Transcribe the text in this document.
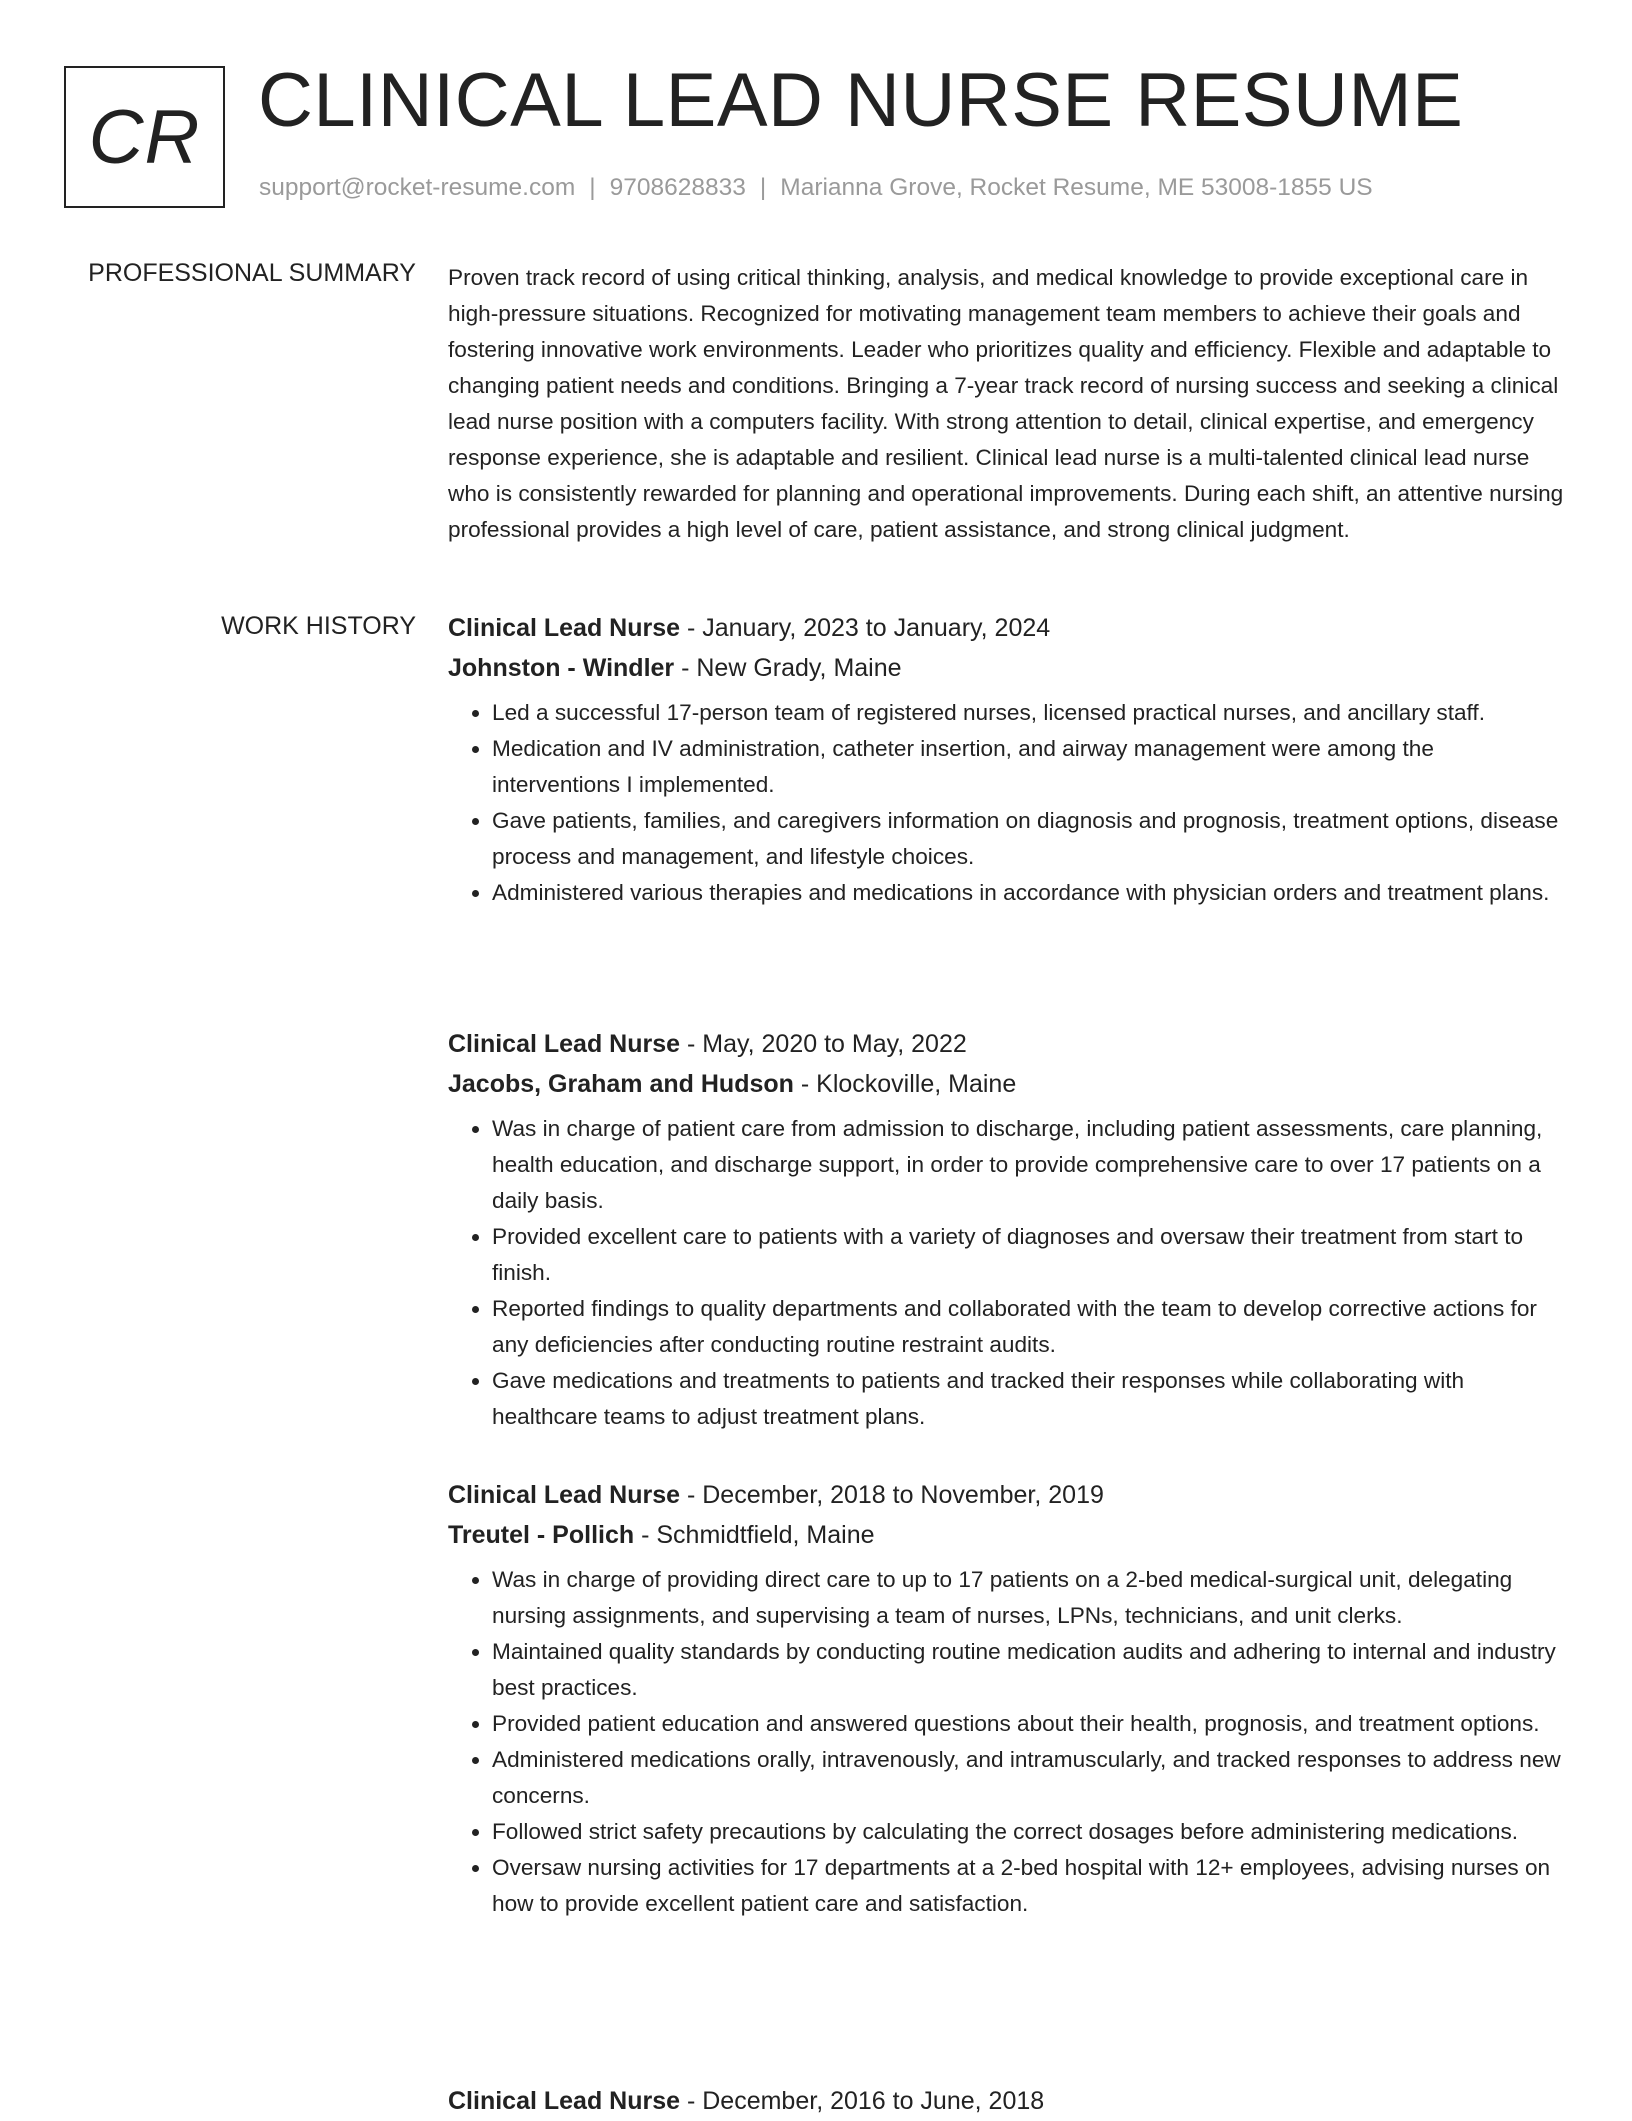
CR CLINICAL LEAD NURSE RESUME
support@rocket-resume.com | 9708628833 | Marianna Grove, Rocket Resume, ME 53008-1855 US
PROFESSIONAL SUMMARY Proven track record of using critical thinking, analysis, and medical knowledge to provide exceptional care in high-pressure situations. Recognized for motivating management team members to achieve their goals and fostering innovative work environments. Leader who prioritizes quality and efficiency. Flexible and adaptable to changing patient needs and conditions. Bringing a 7-year track record of nursing success and seeking a clinical lead nurse position with a computers facility. With strong attention to detail, clinical expertise, and emergency response experience, she is adaptable and resilient. Clinical lead nurse is a multi-talented clinical lead nurse who is consistently rewarded for planning and operational improvements. During each shift, an attentive nursing professional provides a high level of care, patient assistance, and strong clinical judgment.

WORK HISTORY Clinical Lead Nurse - January, 2023 to January, 2024
Johnston - Windler - New Grady, Maine
• Led a successful 17-person team of registered nurses, licensed practical nurses, and ancillary staff.
• Medication and IV administration, catheter insertion, and airway management were among the interventions I implemented.
• Gave patients, families, and caregivers information on diagnosis and prognosis, treatment options, disease process and management, and lifestyle choices.
• Administered various therapies and medications in accordance with physician orders and treatment plans.
Clinical Lead Nurse - May, 2020 to May, 2022
Jacobs, Graham and Hudson - Klockoville, Maine
• Was in charge of patient care from admission to discharge, including patient assessments, care planning, health education, and discharge support, in order to provide comprehensive care to over 17 patients on a daily basis.
• Provided excellent care to patients with a variety of diagnoses and oversaw their treatment from start to finish.
• Reported findings to quality departments and collaborated with the team to develop corrective actions for any deficiencies after conducting routine restraint audits.
• Gave medications and treatments to patients and tracked their responses while collaborating with healthcare teams to adjust treatment plans.
Clinical Lead Nurse - December, 2018 to November, 2019
Treutel - Pollich - Schmidtfield, Maine
• Was in charge of providing direct care to up to 17 patients on a 2-bed medical-surgical unit, delegating nursing assignments, and supervising a team of nurses, LPNs, technicians, and unit clerks.
• Maintained quality standards by conducting routine medication audits and adhering to internal and industry best practices.
• Provided patient education and answered questions about their health, prognosis, and treatment options.
• Administered medications orally, intravenously, and intramuscularly, and tracked responses to address new concerns.
• Followed strict safety precautions by calculating the correct dosages before administering medications.
• Oversaw nursing activities for 17 departments at a 2-bed hospital with 12+ employees, advising nurses on how to provide excellent patient care and satisfaction.
Clinical Lead Nurse - December, 2016 to June, 2018
